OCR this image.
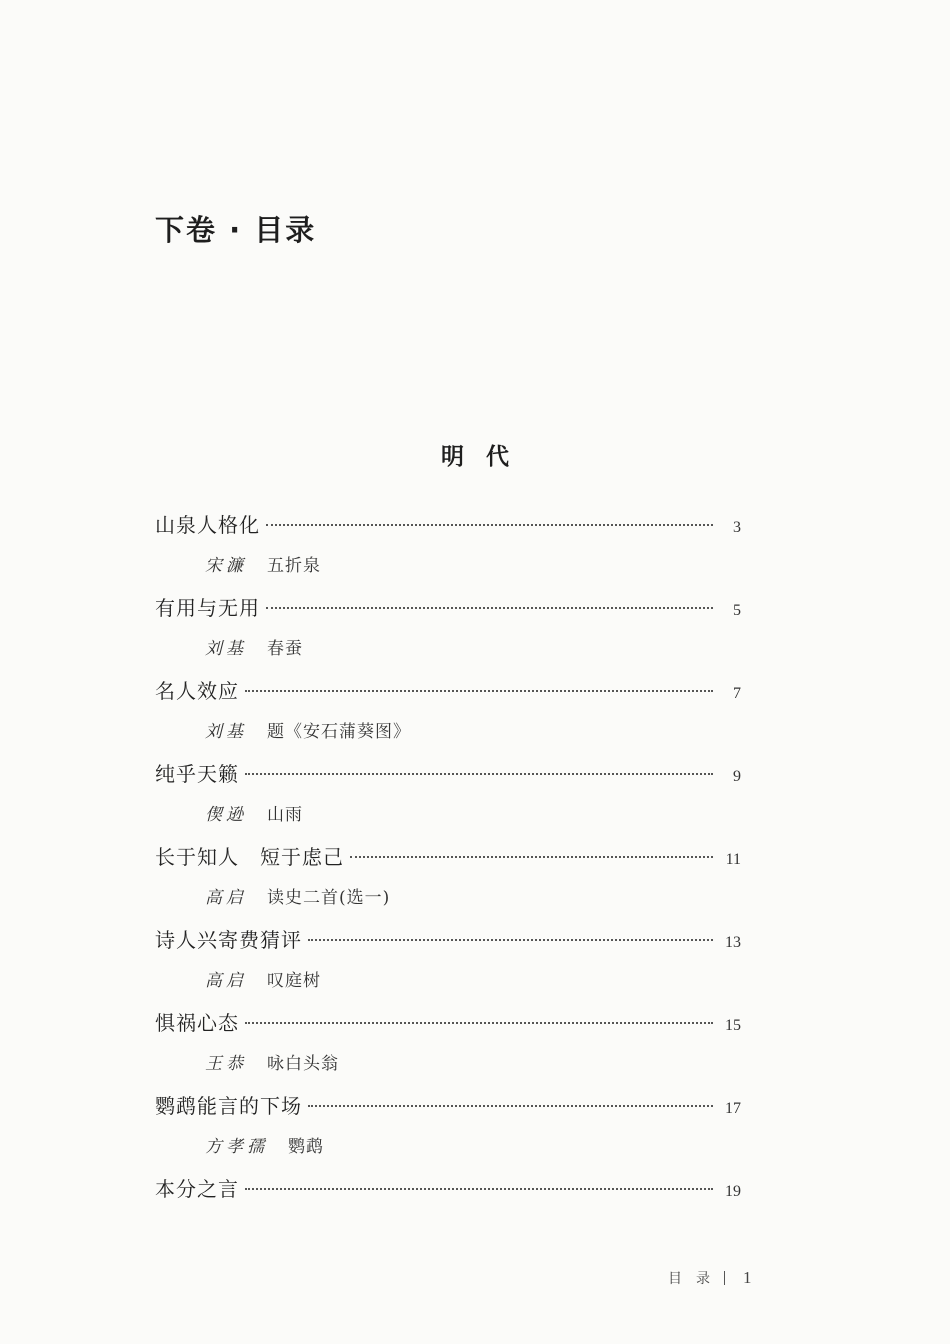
下卷 · 目录
明代
山泉人格化	3
宋濂 五折泉
有用与无用	5
刘基 春蚕
名人效应	7
刘基 题《安石蒲葵图》
纯乎天籁	9
偰逊 山雨
长于知人　短于虑己	11
高启 读史二首(选一)
诗人兴寄费猜评	13
高启 叹庭树
惧祸心态	15
王恭 咏白头翁
鹦鹉能言的下场	17
方孝孺 鹦鹉
本分之言	19
目录 1
